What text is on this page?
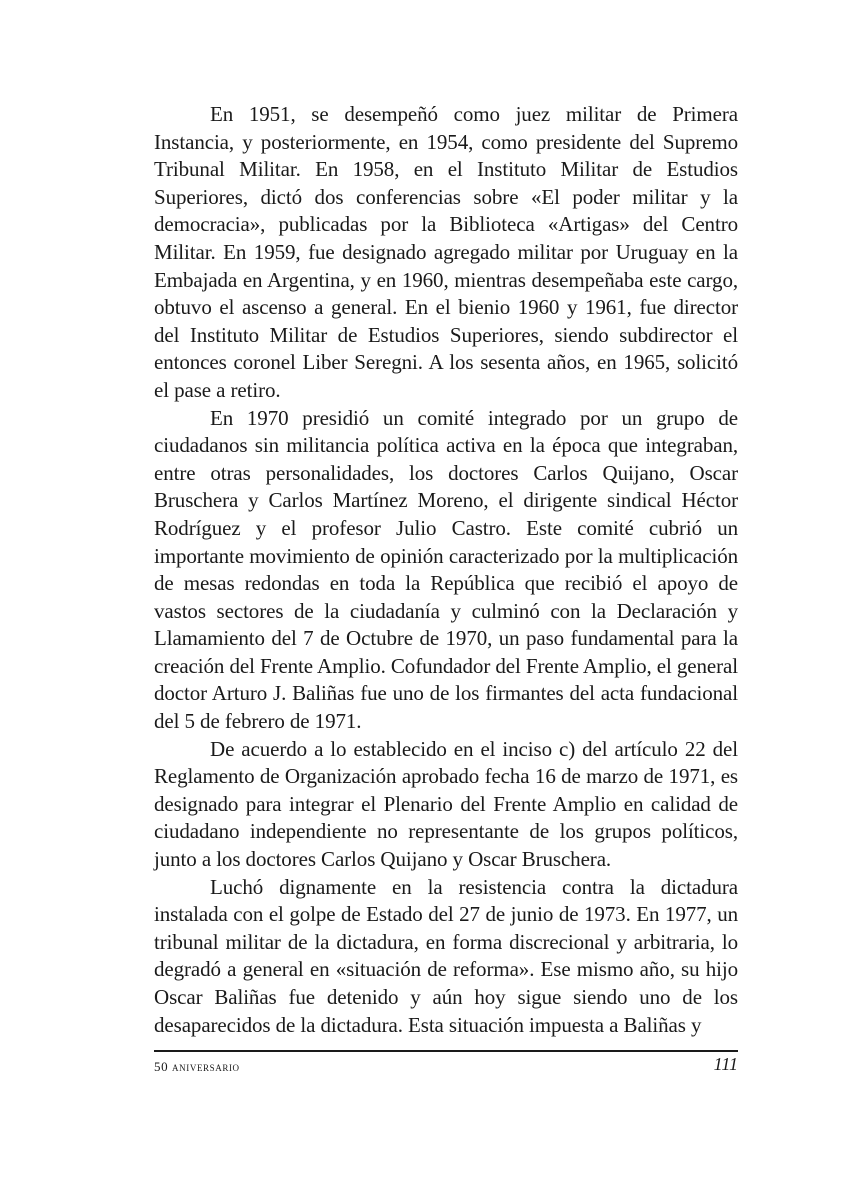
En 1951, se desempeñó como juez militar de Primera Instancia, y posteriormente, en 1954, como presidente del Supremo Tribunal Militar. En 1958, en el Instituto Militar de Estudios Superiores, dictó dos conferencias sobre «El poder militar y la democracia», publicadas por la Biblioteca «Artigas» del Centro Militar. En 1959, fue designado agregado militar por Uruguay en la Embajada en Argentina, y en 1960, mientras desempeñaba este cargo, obtuvo el ascenso a general. En el bienio 1960 y 1961, fue director del Instituto Militar de Estudios Superiores, siendo subdirector el entonces coronel Liber Seregni. A los sesenta años, en 1965, solicitó el pase a retiro.

En 1970 presidió un comité integrado por un grupo de ciudadanos sin militancia política activa en la época que integraban, entre otras personalidades, los doctores Carlos Quijano, Oscar Bruschera y Carlos Martínez Moreno, el dirigente sindical Héctor Rodríguez y el profesor Julio Castro. Este comité cubrió un importante movimiento de opinión caracterizado por la multiplicación de mesas redondas en toda la República que recibió el apoyo de vastos sectores de la ciudadanía y culminó con la Declaración y Llamamiento del 7 de Octubre de 1970, un paso fundamental para la creación del Frente Amplio. Cofundador del Frente Amplio, el general doctor Arturo J. Baliñas fue uno de los firmantes del acta fundacional del 5 de febrero de 1971.

De acuerdo a lo establecido en el inciso c) del artículo 22 del Reglamento de Organización aprobado fecha 16 de marzo de 1971, es designado para integrar el Plenario del Frente Amplio en calidad de ciudadano independiente no representante de los grupos políticos, junto a los doctores Carlos Quijano y Oscar Bruschera.

Luchó dignamente en la resistencia contra la dictadura instalada con el golpe de Estado del 27 de junio de 1973. En 1977, un tribunal militar de la dictadura, en forma discrecional y arbitraria, lo degradó a general en «situación de reforma». Ese mismo año, su hijo Oscar Baliñas fue detenido y aún hoy sigue siendo uno de los desaparecidos de la dictadura. Esta situación impuesta a Baliñas y

50 aniversario	111
